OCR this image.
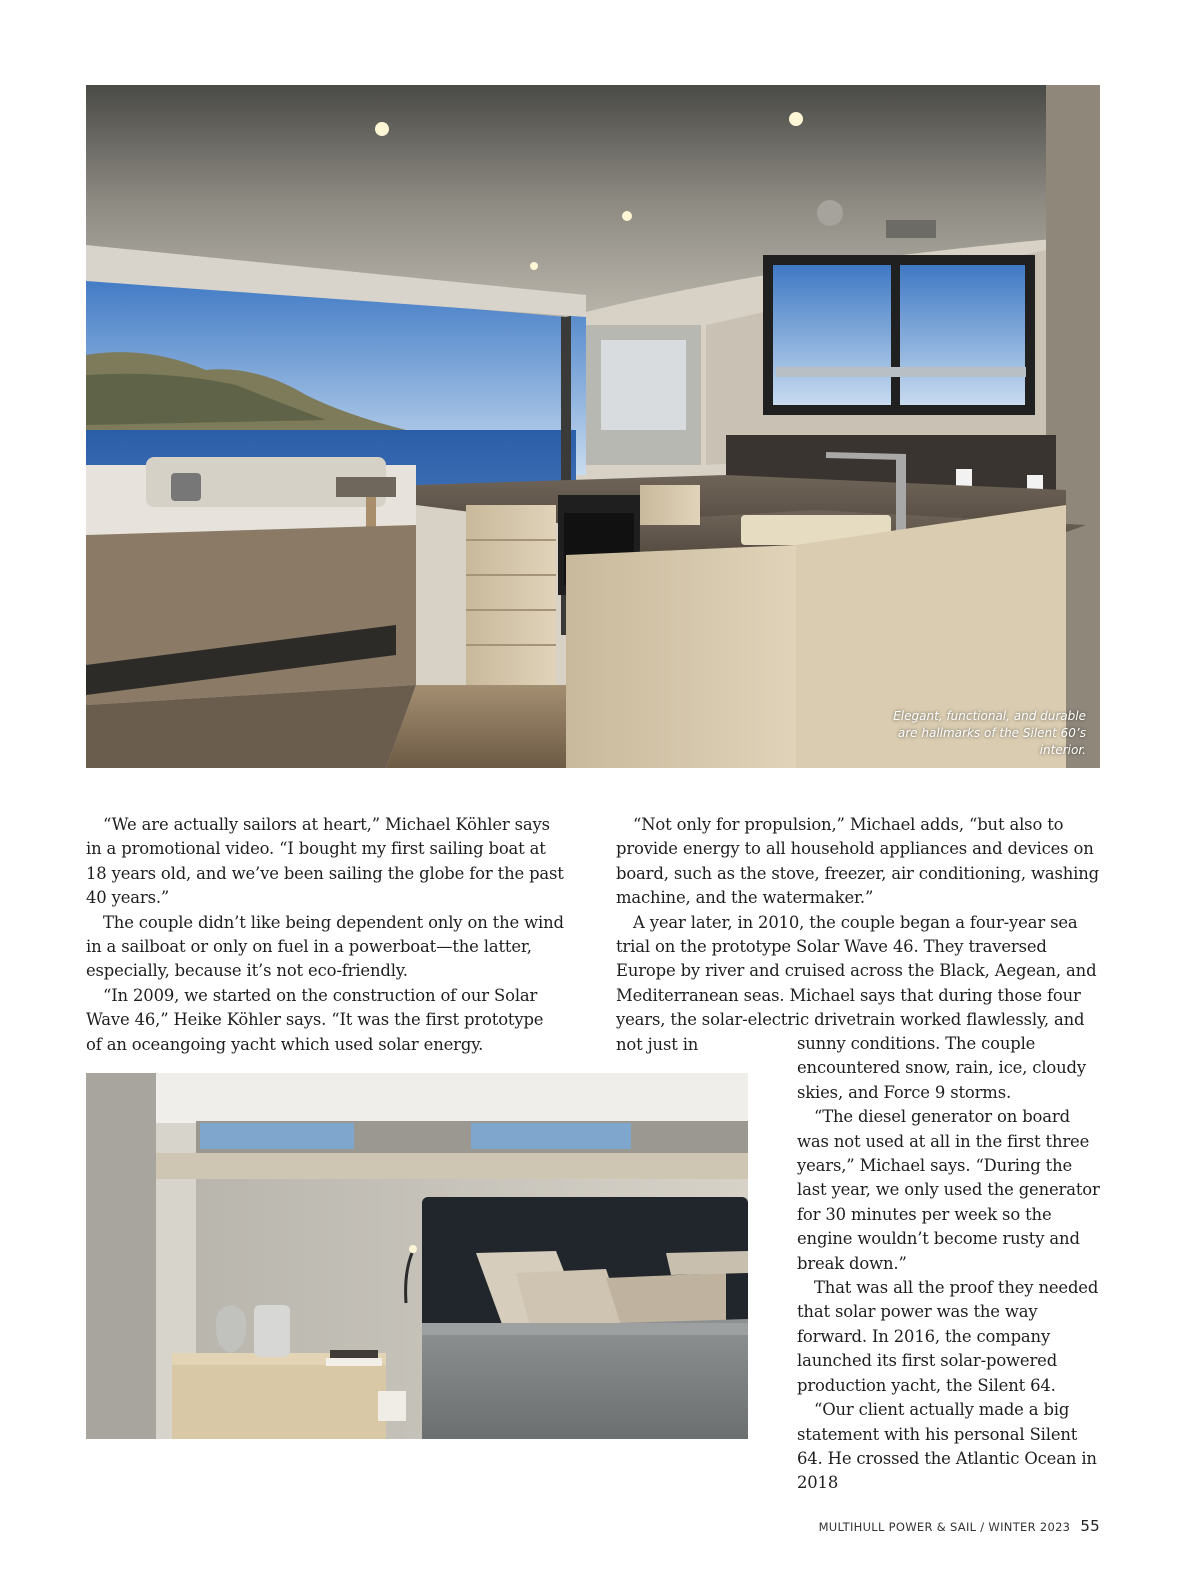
Elegant, functional, and durable are hallmarks of the Silent 60’s interior.

“We are actually sailors at heart,” Michael Köhler says in a promotional video. “I bought my first sailing boat at 18 years old, and we’ve been sailing the globe for the past 40 years.”

The couple didn’t like being dependent only on the wind in a sailboat or only on fuel in a powerboat—the latter, especially, because it’s not eco-friendly.

“In 2009, we started on the construction of our Solar Wave 46,” Heike Köhler says. “It was the first prototype of an oceangoing yacht which used solar energy.

“Not only for propulsion,” Michael adds, “but also to provide energy to all household appliances and devices on board, such as the stove, freezer, air conditioning, washing machine, and the watermaker.”

A year later, in 2010, the couple began a four-year sea trial on the prototype Solar Wave 46. They traversed Europe by river and cruised across the Black, Aegean, and Mediterranean seas. Michael says that during those four years, the solar-electric drivetrain worked flawlessly, and not just in	sunny conditions. The couple encountered snow, rain, ice, cloudy skies, and Force 9 storms.

“The diesel generator on board was not used at all in the first three years,” Michael says. “During the last year, we only used the generator for 30 minutes per week so the engine wouldn’t become rusty and break down.”

That was all the proof they needed that solar power was the way forward. In 2016, the company launched its first solar-powered production yacht, the Silent 64.

“Our client actually made a big statement with his personal Silent 64. He crossed the Atlantic Ocean in 2018

MULTIHULL POWER & SAIL / WINTER 2023 55
